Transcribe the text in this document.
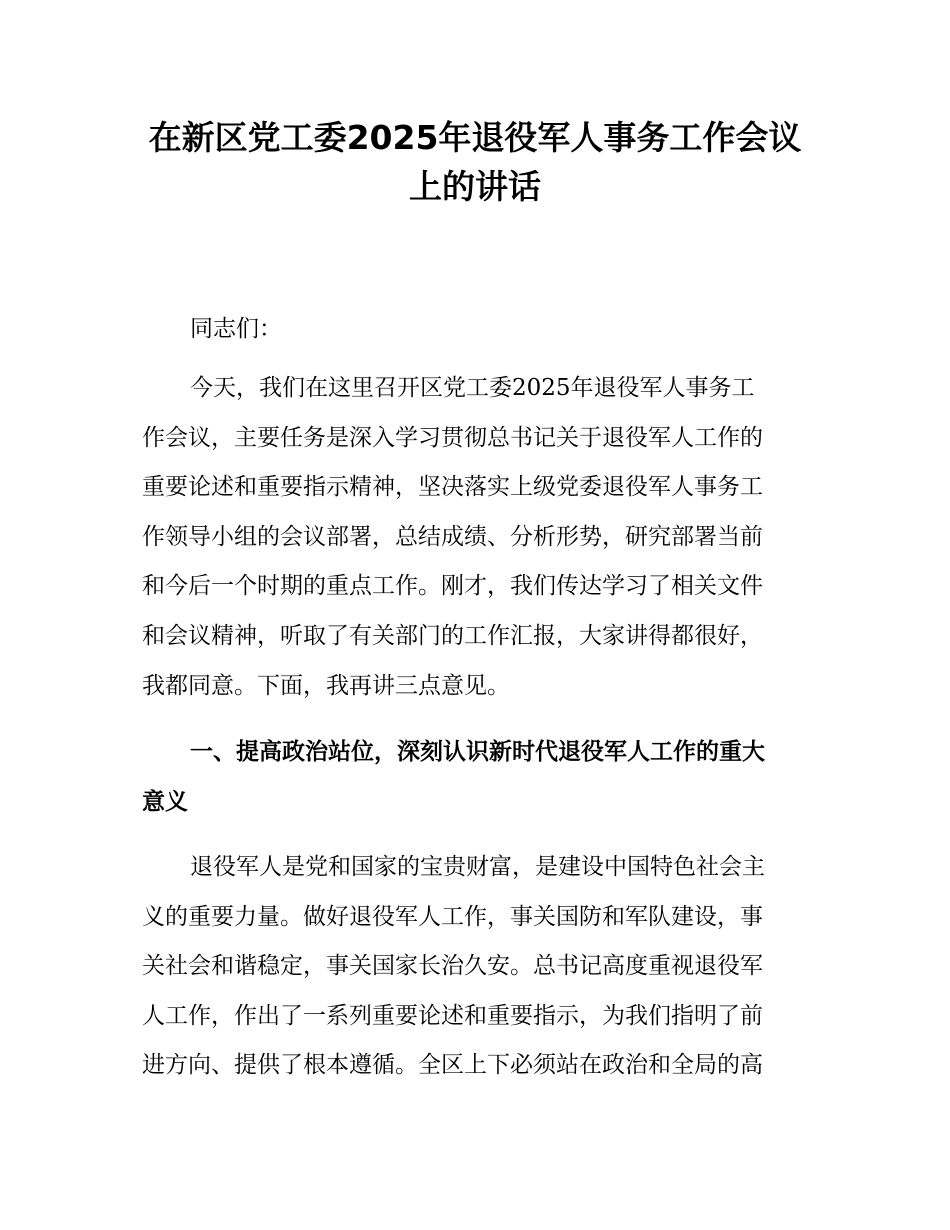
在新区党工委2025年退役军人事务工作会议
上的讲话

同志们：

今天，我们在这里召开区党工委2025年退役军人事务工
作会议，主要任务是深入学习贯彻总书记关于退役军人工作的
重要论述和重要指示精神，坚决落实上级党委退役军人事务工
作领导小组的会议部署，总结成绩、分析形势，研究部署当前
和今后一个时期的重点工作。刚才，我们传达学习了相关文件
和会议精神，听取了有关部门的工作汇报，大家讲得都很好，
我都同意。下面，我再讲三点意见。

一、提高政治站位，深刻认识新时代退役军人工作的重大
意义

退役军人是党和国家的宝贵财富，是建设中国特色社会主
义的重要力量。做好退役军人工作，事关国防和军队建设，事
关社会和谐稳定，事关国家长治久安。总书记高度重视退役军
人工作，作出了一系列重要论述和重要指示，为我们指明了前
进方向、提供了根本遵循。全区上下必须站在政治和全局的高
